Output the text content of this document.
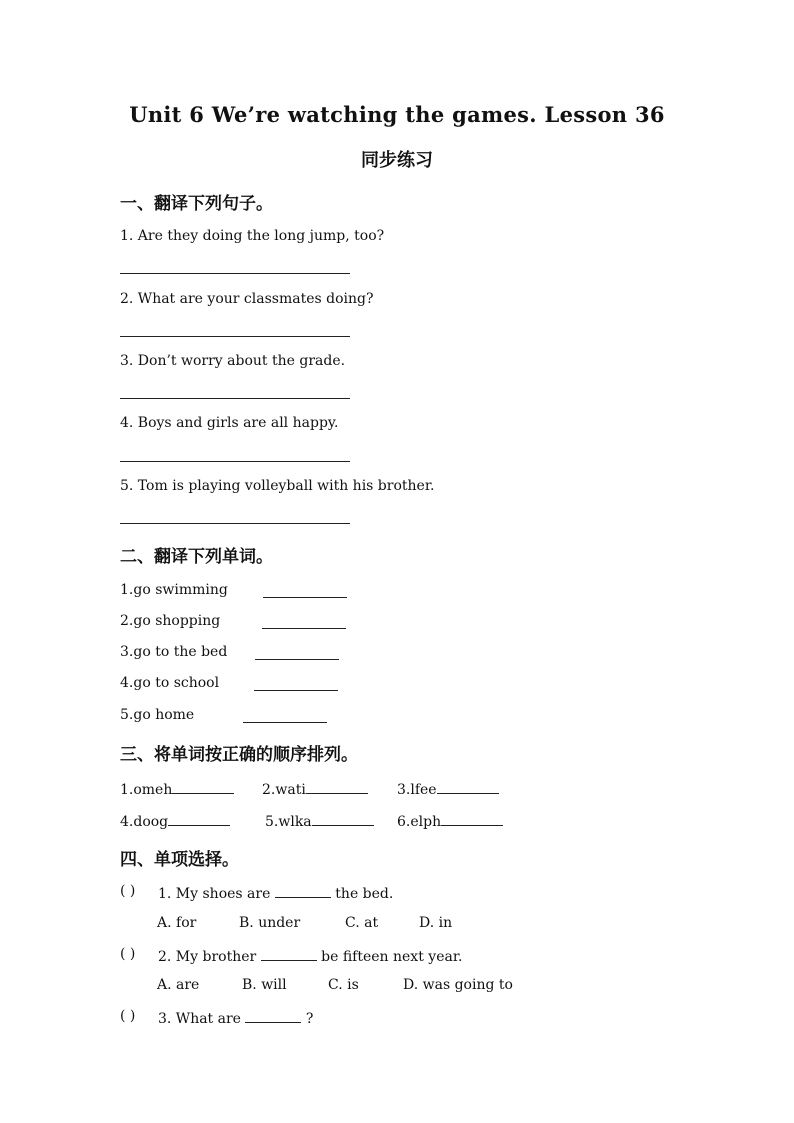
Unit 6 We’re watching the games. Lesson 36
同步练习
一、翻译下列句子。
1. Are they doing the long jump, too?
2. What are your classmates doing?
3. Don’t worry about the grade.
4. Boys and girls are all happy.
5. Tom is playing volleyball with his brother.
二、翻译下列单词。
1.go swimming
2.go shopping
3.go to the bed
4.go to school
5.go home
三、将单词按正确的顺序排列。
1.omeh	2.wati	3.lfee
4.doog	5.wlka	6.elph
四、单项选择。
( ) 1. My shoes are	the bed.
A. for	B. under	C. at	D. in
( ) 2. My brother	be fifteen next year.
A. are	B. will	C. is	D. was going to
( ) 3. What are	?
